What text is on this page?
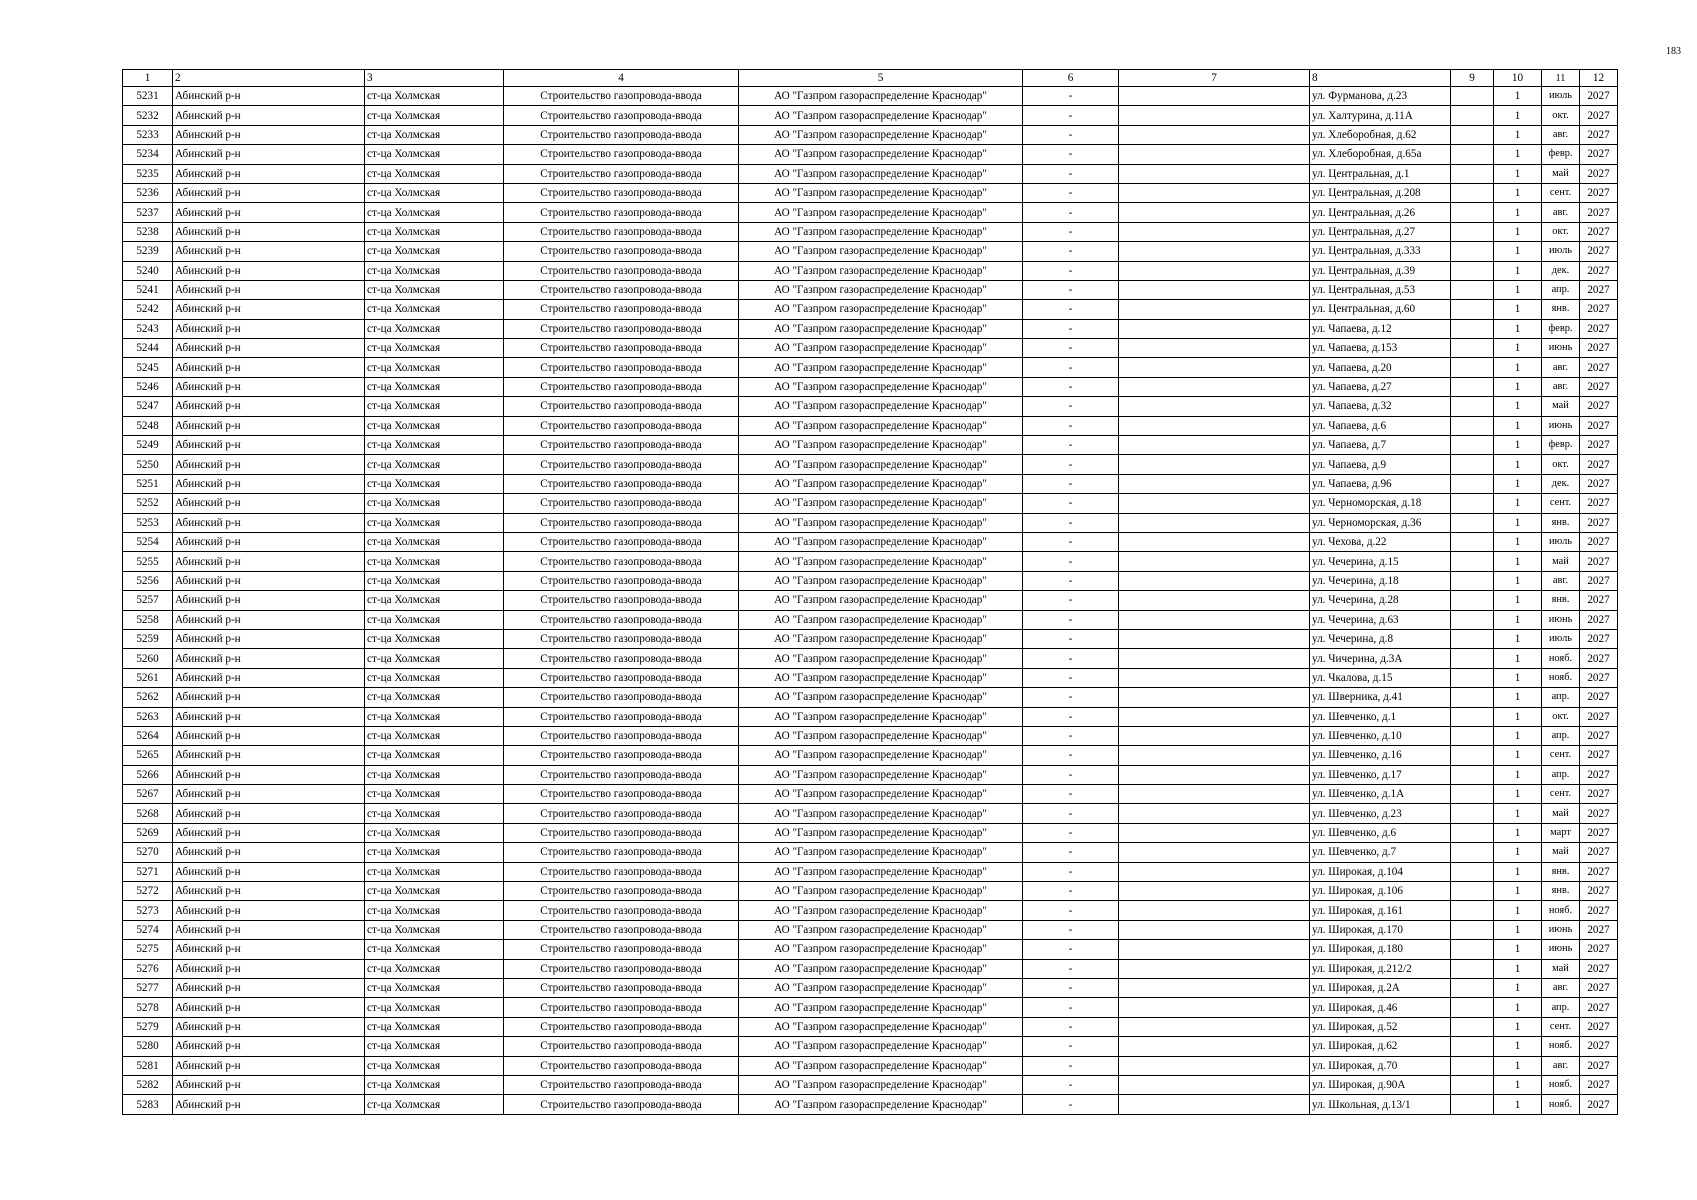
183
1	2	3	4	5	6	7	8	9	10	11	12
5231	Абинский р-н	ст-ца Холмская	Строительство газопровода-ввода	АО "Газпром газораспределение Краснодар"	-		ул. Фурманова, д.23		1	июль	2027
5232	Абинский р-н	ст-ца Холмская	Строительство газопровода-ввода	АО "Газпром газораспределение Краснодар"	-		ул. Халтурина, д.11А		1	окт.	2027
5233	Абинский р-н	ст-ца Холмская	Строительство газопровода-ввода	АО "Газпром газораспределение Краснодар"	-		ул. Хлеборобная, д.62		1	авг.	2027
5234	Абинский р-н	ст-ца Холмская	Строительство газопровода-ввода	АО "Газпром газораспределение Краснодар"	-		ул. Хлеборобная, д.65а		1	февр.	2027
5235	Абинский р-н	ст-ца Холмская	Строительство газопровода-ввода	АО "Газпром газораспределение Краснодар"	-		ул. Центральная, д.1		1	май	2027
5236	Абинский р-н	ст-ца Холмская	Строительство газопровода-ввода	АО "Газпром газораспределение Краснодар"	-		ул. Центральная, д.208		1	сент.	2027
5237	Абинский р-н	ст-ца Холмская	Строительство газопровода-ввода	АО "Газпром газораспределение Краснодар"	-		ул. Центральная, д.26		1	авг.	2027
5238	Абинский р-н	ст-ца Холмская	Строительство газопровода-ввода	АО "Газпром газораспределение Краснодар"	-		ул. Центральная, д.27		1	окт.	2027
5239	Абинский р-н	ст-ца Холмская	Строительство газопровода-ввода	АО "Газпром газораспределение Краснодар"	-		ул. Центральная, д.333		1	июль	2027
5240	Абинский р-н	ст-ца Холмская	Строительство газопровода-ввода	АО "Газпром газораспределение Краснодар"	-		ул. Центральная, д.39		1	дек.	2027
5241	Абинский р-н	ст-ца Холмская	Строительство газопровода-ввода	АО "Газпром газораспределение Краснодар"	-		ул. Центральная, д.53		1	апр.	2027
5242	Абинский р-н	ст-ца Холмская	Строительство газопровода-ввода	АО "Газпром газораспределение Краснодар"	-		ул. Центральная, д.60		1	янв.	2027
5243	Абинский р-н	ст-ца Холмская	Строительство газопровода-ввода	АО "Газпром газораспределение Краснодар"	-		ул. Чапаева, д.12		1	февр.	2027
5244	Абинский р-н	ст-ца Холмская	Строительство газопровода-ввода	АО "Газпром газораспределение Краснодар"	-		ул. Чапаева, д.153		1	июнь	2027
5245	Абинский р-н	ст-ца Холмская	Строительство газопровода-ввода	АО "Газпром газораспределение Краснодар"	-		ул. Чапаева, д.20		1	авг.	2027
5246	Абинский р-н	ст-ца Холмская	Строительство газопровода-ввода	АО "Газпром газораспределение Краснодар"	-		ул. Чапаева, д.27		1	авг.	2027
5247	Абинский р-н	ст-ца Холмская	Строительство газопровода-ввода	АО "Газпром газораспределение Краснодар"	-		ул. Чапаева, д.32		1	май	2027
5248	Абинский р-н	ст-ца Холмская	Строительство газопровода-ввода	АО "Газпром газораспределение Краснодар"	-		ул. Чапаева, д.6		1	июнь	2027
5249	Абинский р-н	ст-ца Холмская	Строительство газопровода-ввода	АО "Газпром газораспределение Краснодар"	-		ул. Чапаева, д.7		1	февр.	2027
5250	Абинский р-н	ст-ца Холмская	Строительство газопровода-ввода	АО "Газпром газораспределение Краснодар"	-		ул. Чапаева, д.9		1	окт.	2027
5251	Абинский р-н	ст-ца Холмская	Строительство газопровода-ввода	АО "Газпром газораспределение Краснодар"	-		ул. Чапаева, д.96		1	дек.	2027
5252	Абинский р-н	ст-ца Холмская	Строительство газопровода-ввода	АО "Газпром газораспределение Краснодар"	-		ул. Черноморская, д.18		1	сент.	2027
5253	Абинский р-н	ст-ца Холмская	Строительство газопровода-ввода	АО "Газпром газораспределение Краснодар"	-		ул. Черноморская, д.36		1	янв.	2027
5254	Абинский р-н	ст-ца Холмская	Строительство газопровода-ввода	АО "Газпром газораспределение Краснодар"	-		ул. Чехова, д.22		1	июль	2027
5255	Абинский р-н	ст-ца Холмская	Строительство газопровода-ввода	АО "Газпром газораспределение Краснодар"	-		ул. Чечерина, д.15		1	май	2027
5256	Абинский р-н	ст-ца Холмская	Строительство газопровода-ввода	АО "Газпром газораспределение Краснодар"	-		ул. Чечерина, д.18		1	авг.	2027
5257	Абинский р-н	ст-ца Холмская	Строительство газопровода-ввода	АО "Газпром газораспределение Краснодар"	-		ул. Чечерина, д.28		1	янв.	2027
5258	Абинский р-н	ст-ца Холмская	Строительство газопровода-ввода	АО "Газпром газораспределение Краснодар"	-		ул. Чечерина, д.63		1	июнь	2027
5259	Абинский р-н	ст-ца Холмская	Строительство газопровода-ввода	АО "Газпром газораспределение Краснодар"	-		ул. Чечерина, д.8		1	июль	2027
5260	Абинский р-н	ст-ца Холмская	Строительство газопровода-ввода	АО "Газпром газораспределение Краснодар"	-		ул. Чичерина, д.3А		1	нояб.	2027
5261	Абинский р-н	ст-ца Холмская	Строительство газопровода-ввода	АО "Газпром газораспределение Краснодар"	-		ул. Чкалова, д.15		1	нояб.	2027
5262	Абинский р-н	ст-ца Холмская	Строительство газопровода-ввода	АО "Газпром газораспределение Краснодар"	-		ул. Шверника, д.41		1	апр.	2027
5263	Абинский р-н	ст-ца Холмская	Строительство газопровода-ввода	АО "Газпром газораспределение Краснодар"	-		ул. Шевченко, д.1		1	окт.	2027
5264	Абинский р-н	ст-ца Холмская	Строительство газопровода-ввода	АО "Газпром газораспределение Краснодар"	-		ул. Шевченко, д.10		1	апр.	2027
5265	Абинский р-н	ст-ца Холмская	Строительство газопровода-ввода	АО "Газпром газораспределение Краснодар"	-		ул. Шевченко, д.16		1	сент.	2027
5266	Абинский р-н	ст-ца Холмская	Строительство газопровода-ввода	АО "Газпром газораспределение Краснодар"	-		ул. Шевченко, д.17		1	апр.	2027
5267	Абинский р-н	ст-ца Холмская	Строительство газопровода-ввода	АО "Газпром газораспределение Краснодар"	-		ул. Шевченко, д.1А		1	сент.	2027
5268	Абинский р-н	ст-ца Холмская	Строительство газопровода-ввода	АО "Газпром газораспределение Краснодар"	-		ул. Шевченко, д.23		1	май	2027
5269	Абинский р-н	ст-ца Холмская	Строительство газопровода-ввода	АО "Газпром газораспределение Краснодар"	-		ул. Шевченко, д.6		1	март	2027
5270	Абинский р-н	ст-ца Холмская	Строительство газопровода-ввода	АО "Газпром газораспределение Краснодар"	-		ул. Шевченко, д.7		1	май	2027
5271	Абинский р-н	ст-ца Холмская	Строительство газопровода-ввода	АО "Газпром газораспределение Краснодар"	-		ул. Широкая, д.104		1	янв.	2027
5272	Абинский р-н	ст-ца Холмская	Строительство газопровода-ввода	АО "Газпром газораспределение Краснодар"	-		ул. Широкая, д.106		1	янв.	2027
5273	Абинский р-н	ст-ца Холмская	Строительство газопровода-ввода	АО "Газпром газораспределение Краснодар"	-		ул. Широкая, д.161		1	нояб.	2027
5274	Абинский р-н	ст-ца Холмская	Строительство газопровода-ввода	АО "Газпром газораспределение Краснодар"	-		ул. Широкая, д.170		1	июнь	2027
5275	Абинский р-н	ст-ца Холмская	Строительство газопровода-ввода	АО "Газпром газораспределение Краснодар"	-		ул. Широкая, д.180		1	июнь	2027
5276	Абинский р-н	ст-ца Холмская	Строительство газопровода-ввода	АО "Газпром газораспределение Краснодар"	-		ул. Широкая, д.212/2		1	май	2027
5277	Абинский р-н	ст-ца Холмская	Строительство газопровода-ввода	АО "Газпром газораспределение Краснодар"	-		ул. Широкая, д.2А		1	авг.	2027
5278	Абинский р-н	ст-ца Холмская	Строительство газопровода-ввода	АО "Газпром газораспределение Краснодар"	-		ул. Широкая, д.46		1	апр.	2027
5279	Абинский р-н	ст-ца Холмская	Строительство газопровода-ввода	АО "Газпром газораспределение Краснодар"	-		ул. Широкая, д.52		1	сент.	2027
5280	Абинский р-н	ст-ца Холмская	Строительство газопровода-ввода	АО "Газпром газораспределение Краснодар"	-		ул. Широкая, д.62		1	нояб.	2027
5281	Абинский р-н	ст-ца Холмская	Строительство газопровода-ввода	АО "Газпром газораспределение Краснодар"	-		ул. Широкая, д.70		1	авг.	2027
5282	Абинский р-н	ст-ца Холмская	Строительство газопровода-ввода	АО "Газпром газораспределение Краснодар"	-		ул. Широкая, д.90А		1	нояб.	2027
5283	Абинский р-н	ст-ца Холмская	Строительство газопровода-ввода	АО "Газпром газораспределение Краснодар"	-		ул. Школьная, д.13/1		1	нояб.	2027
